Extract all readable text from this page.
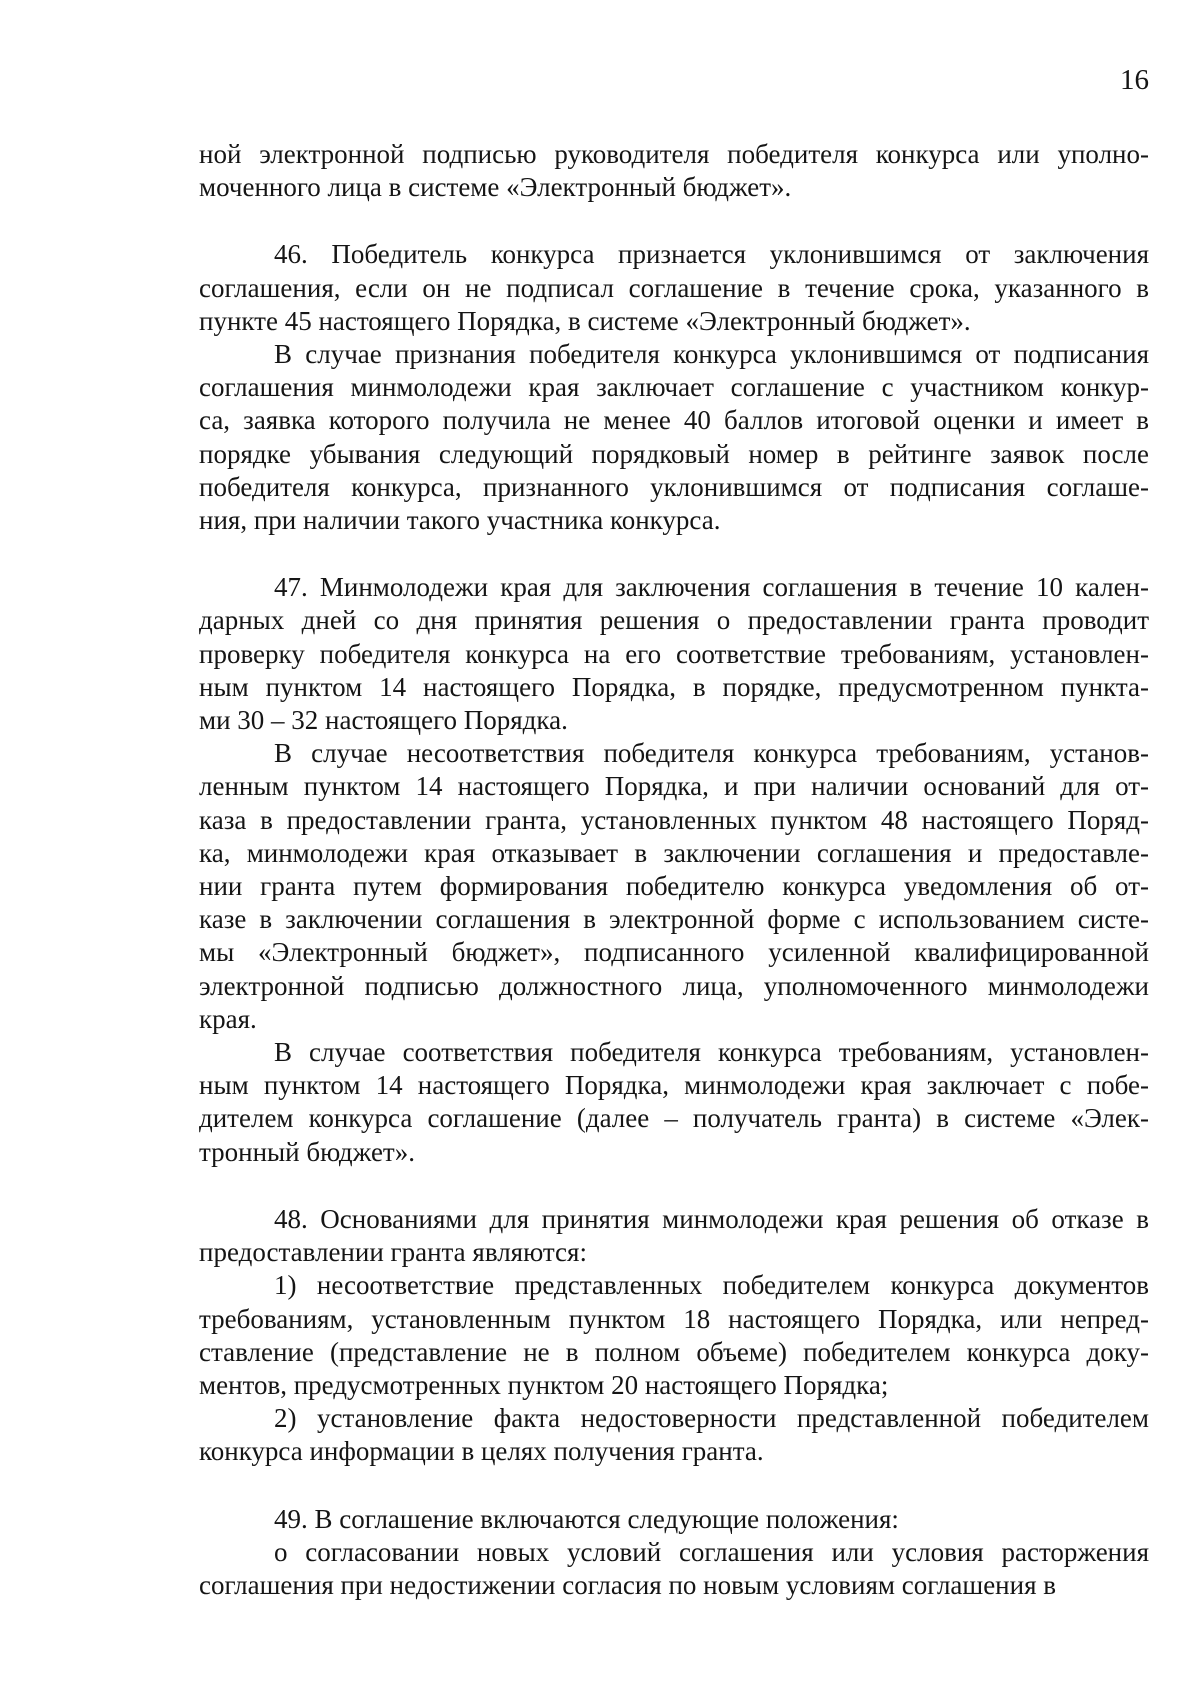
16

ной электронной подписью руководителя победителя конкурса или уполно-

моченного лица в системе «Электронный бюджет».

46. Победитель конкурса признается уклонившимся от заключения

соглашения, если он не подписал соглашение в течение срока, указанного в

пункте 45 настоящего Порядка, в системе «Электронный бюджет».

В случае признания победителя конкурса уклонившимся от подписания

соглашения минмолодежи края заключает соглашение с участником конкур-

са, заявка которого получила не менее 40 баллов итоговой оценки и имеет в

порядке убывания следующий порядковый номер в рейтинге заявок после

победителя конкурса, признанного уклонившимся от подписания соглаше-

ния, при наличии такого участника конкурса.

47. Минмолодежи края для заключения соглашения в течение 10 кален-

дарных дней со дня принятия решения о предоставлении гранта проводит

проверку победителя конкурса на его соответствие требованиям, установлен-

ным пунктом 14 настоящего Порядка, в порядке, предусмотренном пункта-

ми 30 – 32 настоящего Порядка.

В случае несоответствия победителя конкурса требованиям, установ-

ленным пунктом 14 настоящего Порядка, и при наличии оснований для от-

каза в предоставлении гранта, установленных пунктом 48 настоящего Поряд-

ка, минмолодежи края отказывает в заключении соглашения и предоставле-

нии гранта путем формирования победителю конкурса уведомления об от-

казе в заключении соглашения в электронной форме с использованием систе-

мы «Электронный бюджет», подписанного усиленной квалифицированной

электронной подписью должностного лица, уполномоченного минмолодежи

края.

В случае соответствия победителя конкурса требованиям, установлен-

ным пунктом 14 настоящего Порядка, минмолодежи края заключает с побе-

дителем конкурса соглашение (далее – получатель гранта) в системе «Элек-

тронный бюджет».

48. Основаниями для принятия минмолодежи края решения об отказе в

предоставлении гранта являются:

1) несоответствие представленных победителем конкурса документов

требованиям, установленным пунктом 18 настоящего Порядка, или непред-

ставление (представление не в полном объеме) победителем конкурса доку-

ментов, предусмотренных пунктом 20 настоящего Порядка;

2) установление факта недостоверности представленной победителем

конкурса информации в целях получения гранта.

49. В соглашение включаются следующие положения:

о согласовании новых условий соглашения или условия расторжения

соглашения при недостижении согласия по новым условиям соглашения в
